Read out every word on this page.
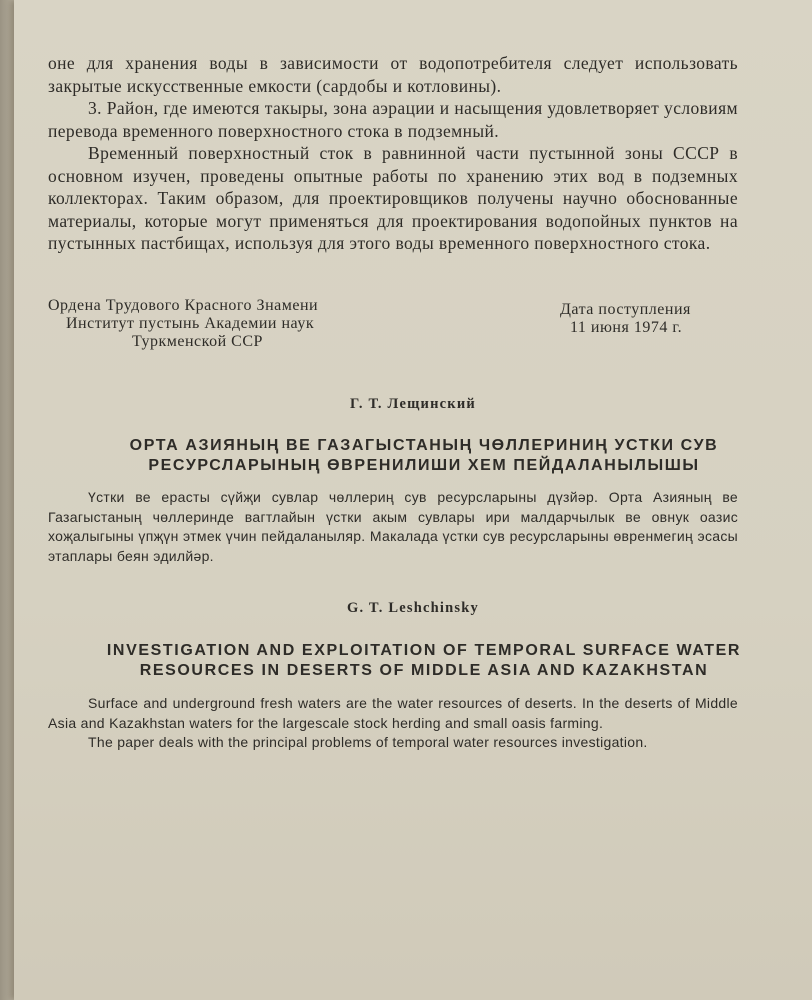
оне для хранения воды в зависимости от водопотребителя следует использовать закрытые искусственные емкости (сардобы и котловины).

3. Район, где имеются такыры, зона аэрации и насыщения удовлетворяет условиям перевода временного поверхностного стока в подземный.

Временный поверхностный сток в равнинной части пустынной зоны СССР в основном изучен, проведены опытные работы по хранению этих вод в подземных коллекторах. Таким образом, для проектировщиков получены научно обоснованные материалы, которые могут применяться для проектирования водопойных пунктов на пустынных пастбищах, используя для этого воды временного поверхностного стока.

Ордена Трудового Красного Знамени
Институт пустынь Академии наук
Туркменской ССР
Дата поступления
11 июня 1974 г.
Г. Т. Лещинский
ОРТА АЗИЯНЫҢ ВЕ ГАЗАГЫСТАНЫҢ ЧӨЛЛЕРИНИҢ УСТКИ СУВ
РЕСУРСЛАРЫНЫҢ ӨВРЕНИЛИШИ ХЕМ ПЕЙДАЛАНЫЛЫШЫ

Үстки ве ерасты сүйҗи сувлар чөллериң сув ресурсларыны дүзйәр. Орта Азияның ве Газагыстаның чөллеринде вагтлайын үстки акым сувлары ири малдарчылык ве овнук оазис хоҗалыгыны үпҗүн этмек үчин пейдаланыляр. Макалада үстки сув ресурсларыны өвренмегиң эсасы этаплары беян эдилйәр.

G. T. Leshchinsky
INVESTIGATION AND EXPLOITATION OF TEMPORAL SURFACE WATER
RESOURCES IN DESERTS OF MIDDLE ASIA AND KAZAKHSTAN

Surface and underground fresh waters are the water resources of deserts. In the deserts of Middle Asia and Kazakhstan waters for the largescale stock herding and small oasis farming.

The paper deals with the principal problems of temporal water resources investigation.
